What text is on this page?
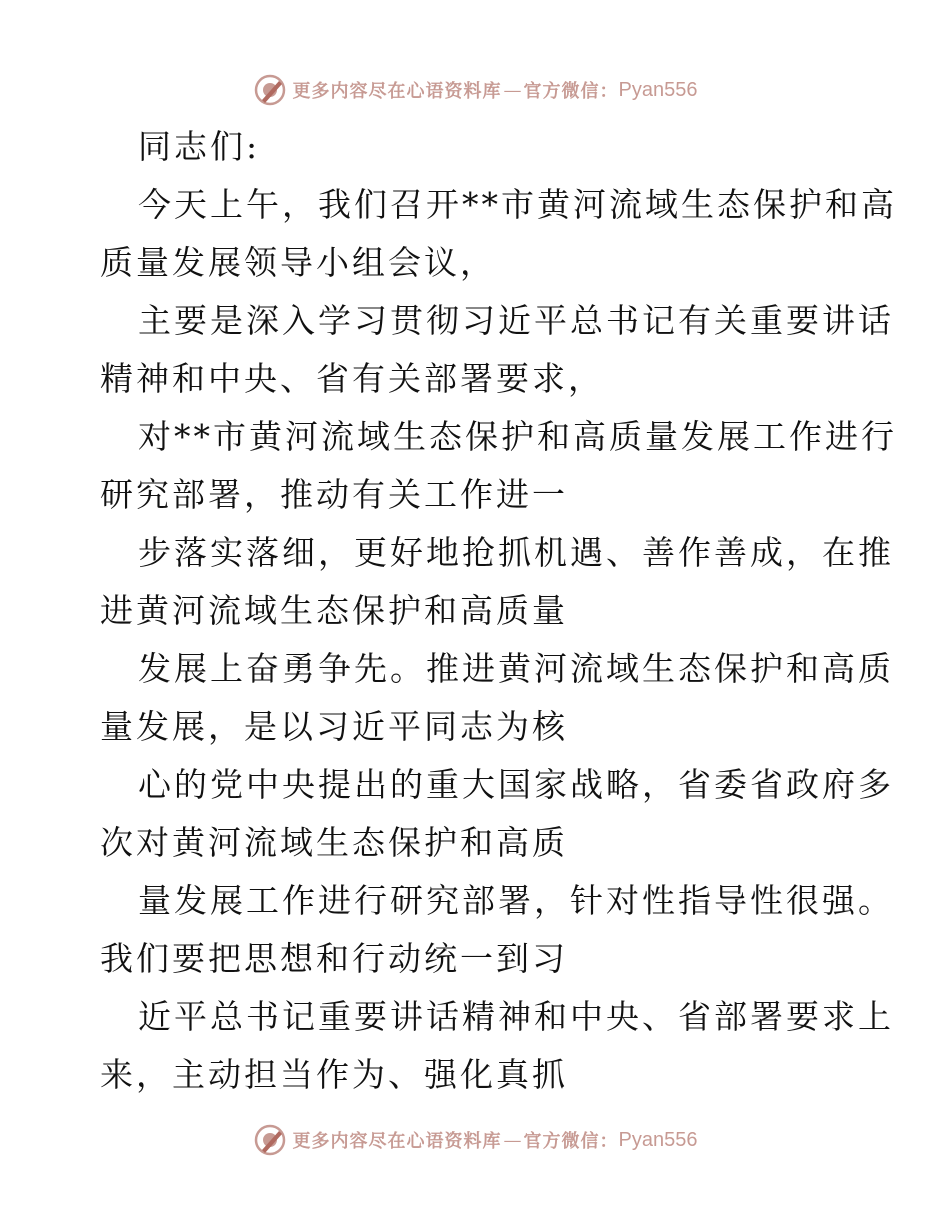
更多内容尽在心语资料库 — 官方微信： Pyan556
同志们:
今天上午，我们召开**市黄河流域生态保护和高
质量发展领导小组会议，
主要是深入学习贯彻习近平总书记有关重要讲话
精神和中央、省有关部署要求，
对**市黄河流域生态保护和高质量发展工作进行
研究部署，推动有关工作进一
步落实落细，更好地抢抓机遇、善作善成，在推
进黄河流域生态保护和高质量
发展上奋勇争先。推进黄河流域生态保护和高质
量发展，是以习近平同志为核
心的党中央提出的重大国家战略，省委省政府多
次对黄河流域生态保护和高质
量发展工作进行研究部署，针对性指导性很强。
我们要把思想和行动统一到习
近平总书记重要讲话精神和中央、省部署要求上
来，主动担当作为、强化真抓
更多内容尽在心语资料库 — 官方微信： Pyan556
